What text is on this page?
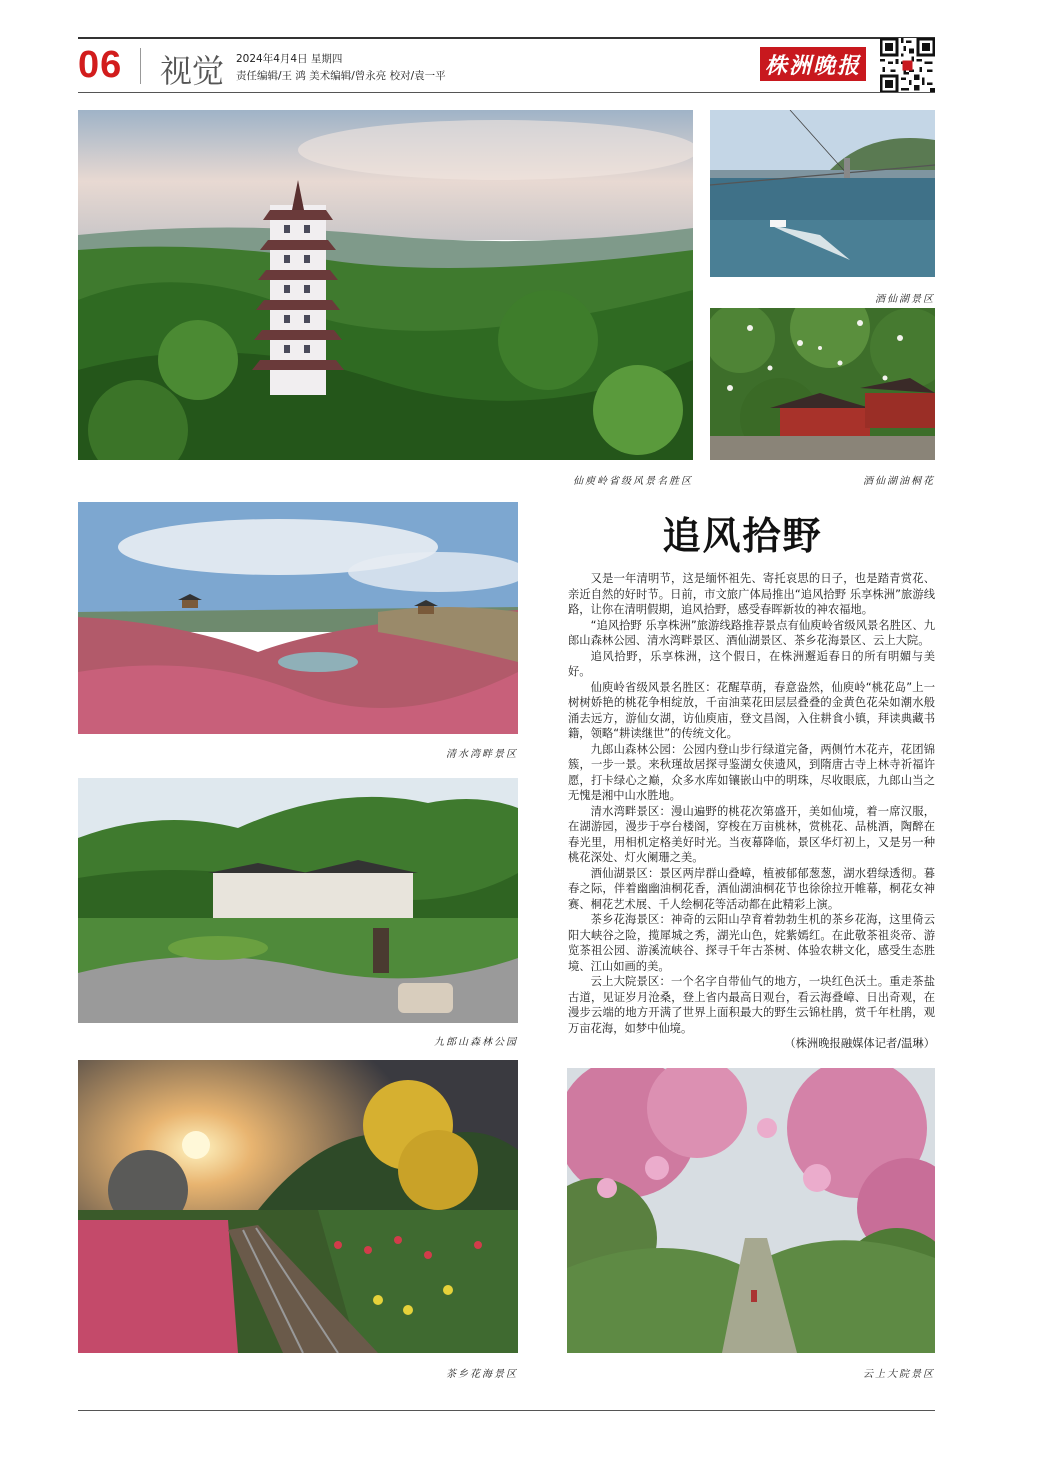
06 视觉 2024年4月4日 星期四
责任编辑/王 鸿 美术编辑/曾永亮 校对/袁一平	株洲晚报
仙庾岭省级风景名胜区
酒仙湖景区
酒仙湖油桐花
清水湾畔景区
九郎山森林公园
茶乡花海景区	云上大院景区
追风拾野

又是一年清明节，这是缅怀祖先、寄托哀思的日子，也是踏青赏花、亲近自然的好时节。日前，市文旅广体局推出“追风拾野 乐享株洲”旅游线路，让你在清明假期，追风拾野，感受春晖新妆的神农福地。

“追风拾野 乐享株洲”旅游线路推荐景点有仙庾岭省级风景名胜区、九郎山森林公园、清水湾畔景区、酒仙湖景区、茶乡花海景区、云上大院。

追风拾野，乐享株洲，这个假日，在株洲邂逅春日的所有明媚与美好。

仙庾岭省级风景名胜区：花醒草萌，春意盎然，仙庾岭“桃花岛”上一树树娇艳的桃花争相绽放，千亩油菜花田层层叠叠的金黄色花朵如潮水般涌去远方，游仙女湖，访仙庾庙，登文昌阁，入住耕食小镇，拜读典藏书籍，领略“耕读继世”的传统文化。

九郎山森林公园：公园内登山步行绿道完备，两侧竹木花卉，花团锦簇，一步一景。来秋瑾故居探寻鉴湖女侠遗风，到隋唐古寺上林寺祈福许愿，打卡绿心之巅，众多水库如镶嵌山中的明珠，尽收眼底，九郎山当之无愧是湘中山水胜地。

清水湾畔景区：漫山遍野的桃花次第盛开，美如仙境，着一席汉服，在湖游园，漫步于亭台楼阁，穿梭在万亩桃林，赏桃花、品桃酒，陶醉在春光里，用相机定格美好时光。当夜幕降临，景区华灯初上，又是另一种桃花深处、灯火阑珊之美。

酒仙湖景区：景区两岸群山叠嶂，植被郁郁葱葱，湖水碧绿透彻。暮春之际，伴着幽幽油桐花香，酒仙湖油桐花节也徐徐拉开帷幕，桐花女神赛、桐花艺术展、千人绘桐花等活动都在此精彩上演。

茶乡花海景区：神奇的云阳山孕育着勃勃生机的茶乡花海，这里倚云阳大峡谷之险，揽犀城之秀，湖光山色，姹紫嫣红。在此敬茶祖炎帝、游览茶祖公园、游溪流峡谷、探寻千年古茶树、体验农耕文化，感受生态胜境、江山如画的美。

云上大院景区：一个名字自带仙气的地方，一块红色沃土。重走茶盐古道，见证岁月沧桑，登上省内最高日观台，看云海叠嶂、日出奇观，在漫步云端的地方开满了世界上面积最大的野生云锦杜鹃，赏千年杜鹃，观万亩花海，如梦中仙境。

（株洲晚报融媒体记者/温琳）
